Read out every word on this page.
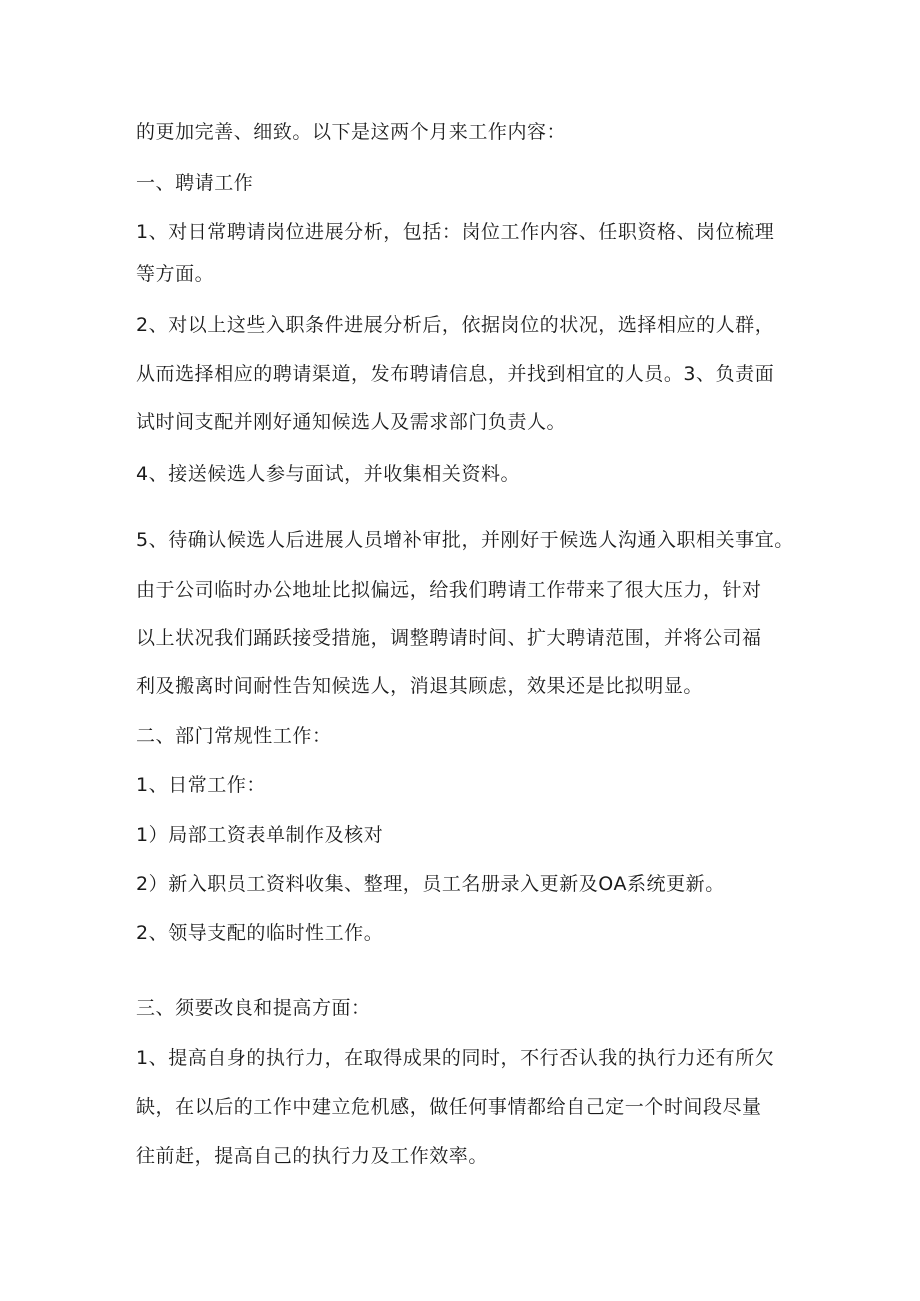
的更加完善、细致。以下是这两个月来工作内容：
一、聘请工作
1、对日常聘请岗位进展分析，包括：岗位工作内容、任职资格、岗位梳理
等方面。
2、对以上这些入职条件进展分析后，依据岗位的状况，选择相应的人群，
从而选择相应的聘请渠道，发布聘请信息，并找到相宜的人员。3、负责面
试时间支配并刚好通知候选人及需求部门负责人。
4、接送候选人参与面试，并收集相关资料。
5、待确认候选人后进展人员增补审批，并刚好于候选人沟通入职相关事宜。
由于公司临时办公地址比拟偏远，给我们聘请工作带来了很大压力，针对
以上状况我们踊跃接受措施，调整聘请时间、扩大聘请范围，并将公司福
利及搬离时间耐性告知候选人，消退其顾虑，效果还是比拟明显。
二、部门常规性工作：
1、日常工作：
1）局部工资表单制作及核对
2）新入职员工资料收集、整理，员工名册录入更新及OA系统更新。
2、领导支配的临时性工作。
三、须要改良和提高方面：
1、提高自身的执行力，在取得成果的同时，不行否认我的执行力还有所欠
缺，在以后的工作中建立危机感，做任何事情都给自己定一个时间段尽量
往前赶，提高自己的执行力及工作效率。
